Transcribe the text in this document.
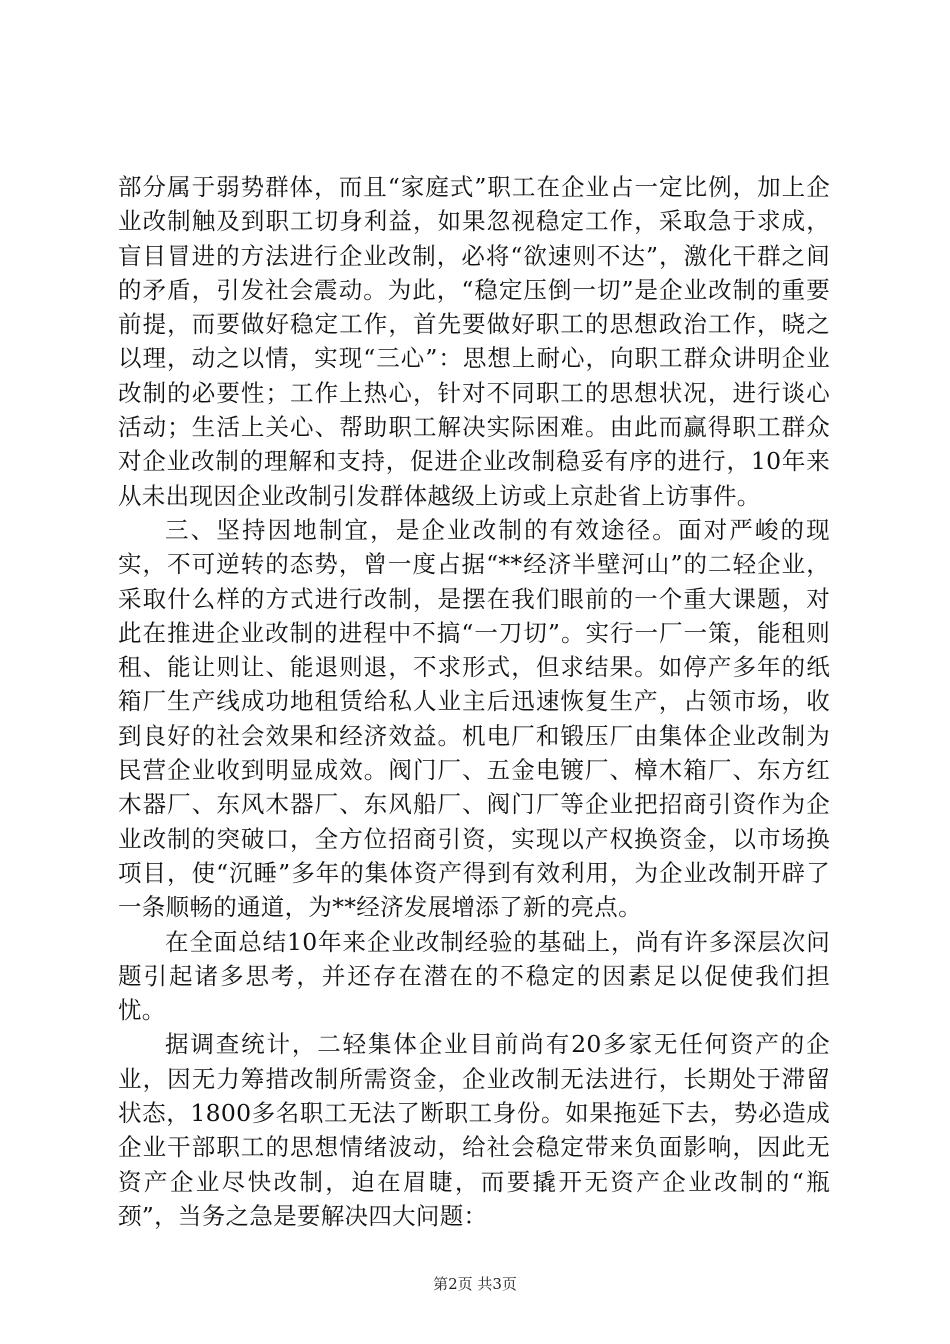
部分属于弱势群体，而且“家庭式”职工在企业占一定比例，加上企业改制触及到职工切身利益，如果忽视稳定工作，采取急于求成，盲目冒进的方法进行企业改制，必将“欲速则不达”，激化干群之间的矛盾，引发社会震动。为此，“稳定压倒一切”是企业改制的重要前提，而要做好稳定工作，首先要做好职工的思想政治工作，晓之以理，动之以情，实现“三心”：思想上耐心，向职工群众讲明企业改制的必要性；工作上热心，针对不同职工的思想状况，进行谈心活动；生活上关心、帮助职工解决实际困难。由此而赢得职工群众对企业改制的理解和支持，促进企业改制稳妥有序的进行，10年来从未出现因企业改制引发群体越级上访或上京赴省上访事件。

三、坚持因地制宜，是企业改制的有效途径。面对严峻的现实，不可逆转的态势，曾一度占据“**经济半壁河山”的二轻企业，采取什么样的方式进行改制，是摆在我们眼前的一个重大课题，对此在推进企业改制的进程中不搞“一刀切”。实行一厂一策，能租则租、能让则让、能退则退，不求形式，但求结果。如停产多年的纸箱厂生产线成功地租赁给私人业主后迅速恢复生产，占领市场，收到良好的社会效果和经济效益。机电厂和锻压厂由集体企业改制为民营企业收到明显成效。阀门厂、五金电镀厂、樟木箱厂、东方红木器厂、东风木器厂、东风船厂、阀门厂等企业把招商引资作为企业改制的突破口，全方位招商引资，实现以产权换资金，以市场换项目，使“沉睡”多年的集体资产得到有效利用，为企业改制开辟了一条顺畅的通道，为**经济发展增添了新的亮点。

在全面总结10年来企业改制经验的基础上，尚有许多深层次问题引起诸多思考，并还存在潜在的不稳定的因素足以促使我们担忧。

据调查统计，二轻集体企业目前尚有20多家无任何资产的企业，因无力筹措改制所需资金，企业改制无法进行，长期处于滞留状态，1800多名职工无法了断职工身份。如果拖延下去，势必造成企业干部职工的思想情绪波动，给社会稳定带来负面影响，因此无资产企业尽快改制，迫在眉睫，而要撬开无资产企业改制的“瓶颈”，当务之急是要解决四大问题：

第2页 共3页
